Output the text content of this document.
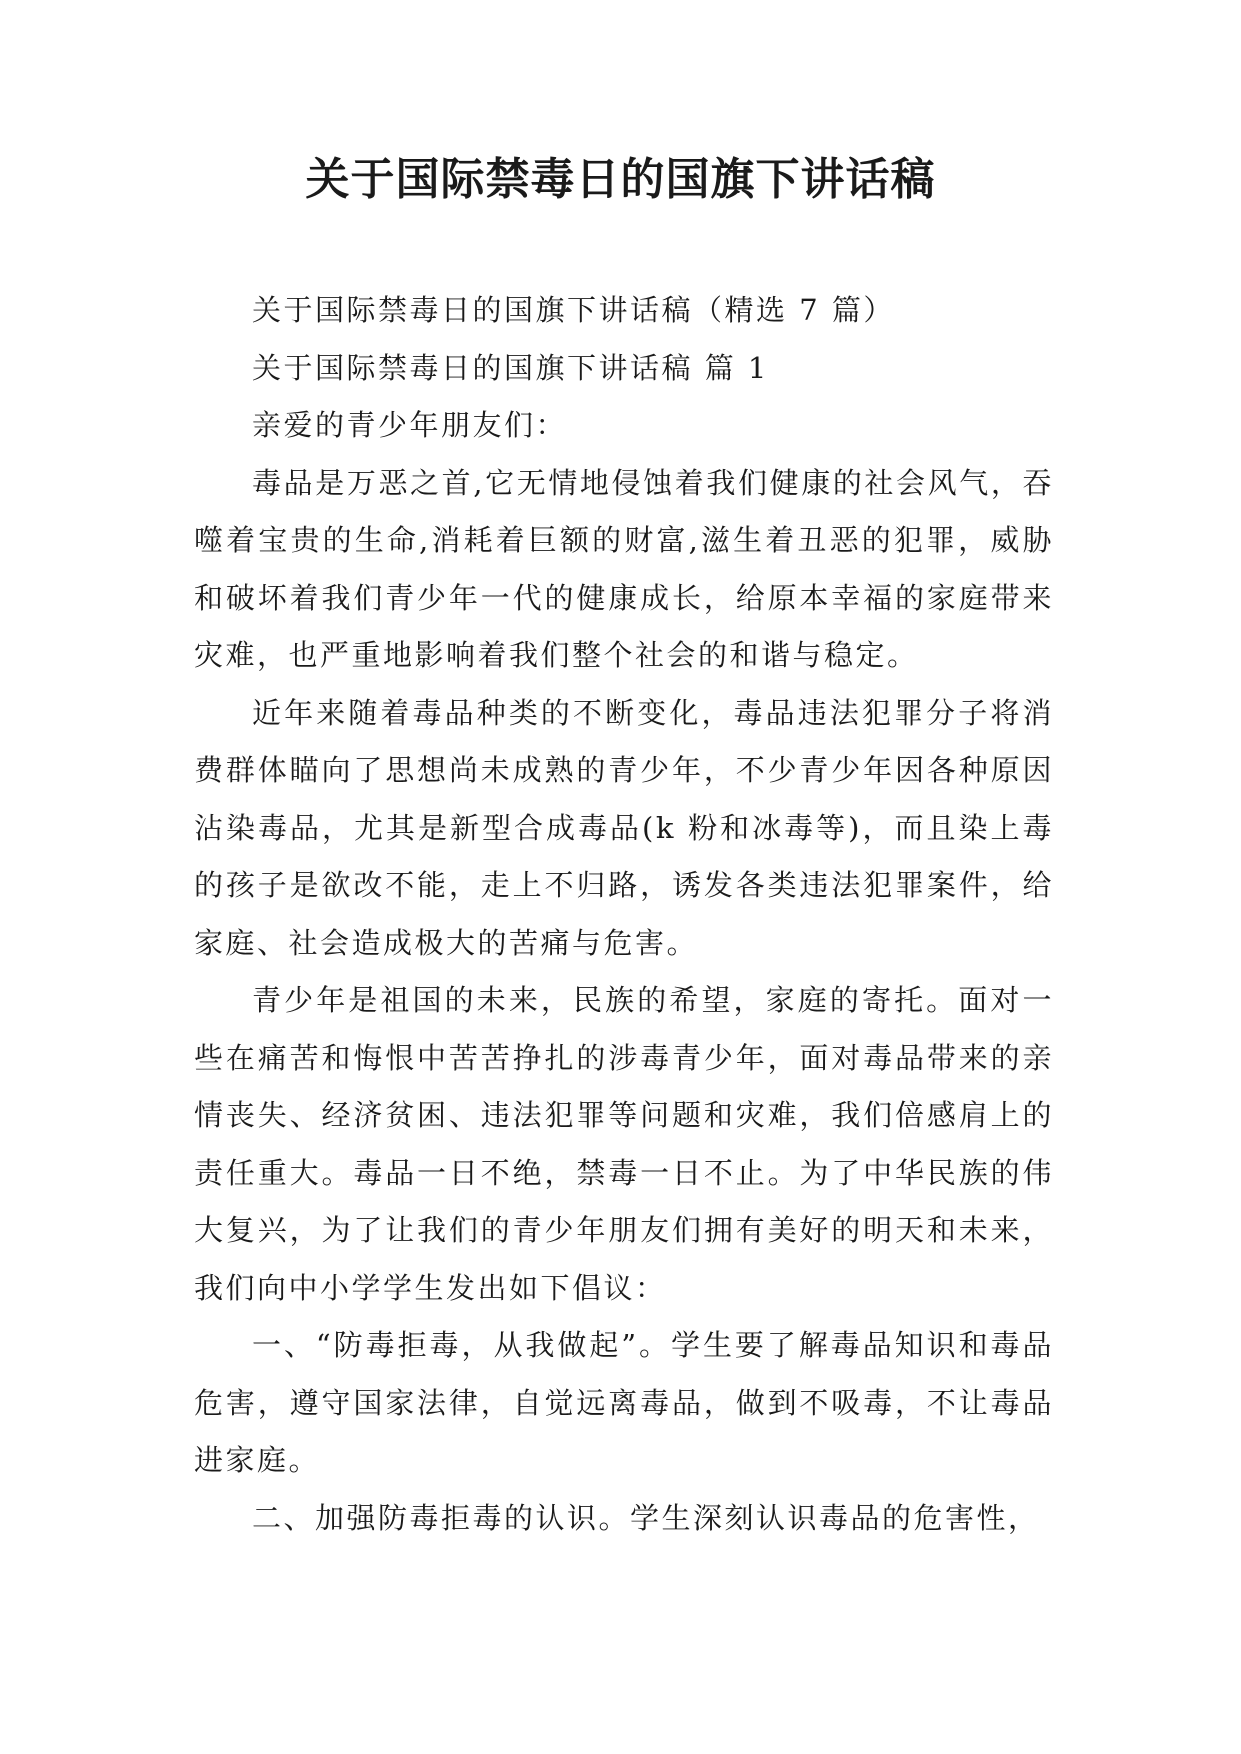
关于国际禁毒日的国旗下讲话稿

关于国际禁毒日的国旗下讲话稿（精选 7 篇）

关于国际禁毒日的国旗下讲话稿 篇 1

亲爱的青少年朋友们：

毒品是万恶之首,它无情地侵蚀着我们健康的社会风气，吞噬着宝贵的生命,消耗着巨额的财富,滋生着丑恶的犯罪，威胁和破坏着我们青少年一代的健康成长，给原本幸福的家庭带来灾难，也严重地影响着我们整个社会的和谐与稳定。

近年来随着毒品种类的不断变化，毒品违法犯罪分子将消费群体瞄向了思想尚未成熟的青少年，不少青少年因各种原因沾染毒品，尤其是新型合成毒品(k 粉和冰毒等)，而且染上毒的孩子是欲改不能，走上不归路，诱发各类违法犯罪案件，给家庭、社会造成极大的苦痛与危害。

青少年是祖国的未来，民族的希望，家庭的寄托。面对一些在痛苦和悔恨中苦苦挣扎的涉毒青少年，面对毒品带来的亲情丧失、经济贫困、违法犯罪等问题和灾难，我们倍感肩上的责任重大。毒品一日不绝，禁毒一日不止。为了中华民族的伟大复兴，为了让我们的青少年朋友们拥有美好的明天和未来，我们向中小学学生发出如下倡议：

一、“防毒拒毒，从我做起”。学生要了解毒品知识和毒品危害，遵守国家法律，自觉远离毒品，做到不吸毒，不让毒品进家庭。

二、加强防毒拒毒的认识。学生深刻认识毒品的危害性，
